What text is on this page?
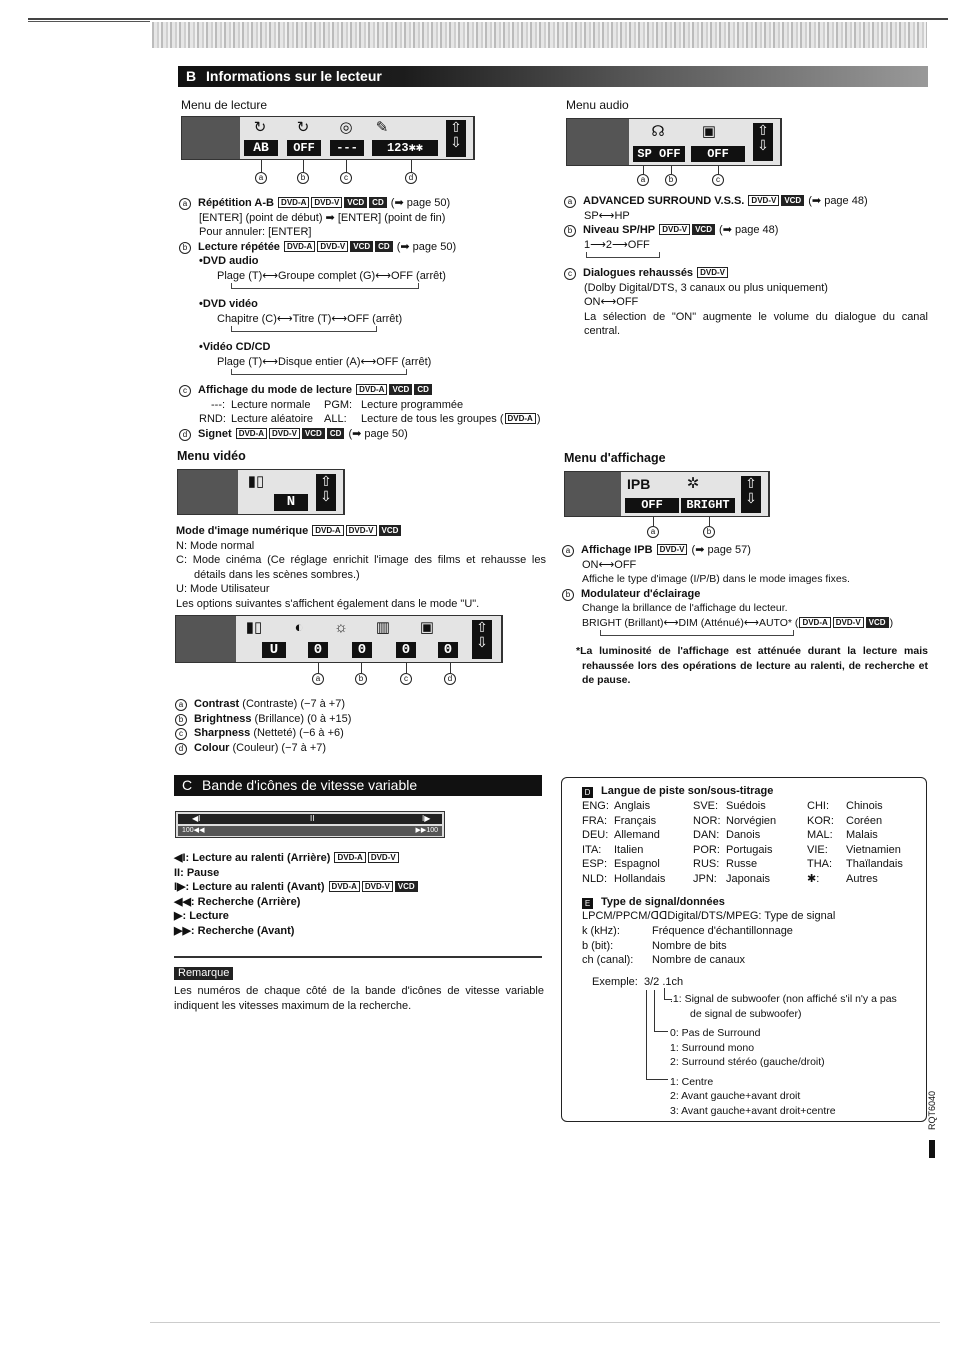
B Informations sur le lecteur
Menu de lecture
↻
AB
↻
OFF
◎
---
✎
123✱✱
⇧
⇩
a	b	c	d
a Répétition A-B DVD-A DVD-V VCD CD (➡ page 50)
[ENTER] (point de début) ➡ [ENTER] (point de fin)
Pour annuler: [ENTER]
b Lecture répétée DVD-A DVD-V VCD CD (➡ page 50)
•DVD audio
Plage (T)⟷Groupe complet (G)⟷OFF (arrêt)
•DVD vidéo
Chapitre (C)⟷Titre (T)⟷OFF (arrêt)
•Vidéo CD/CD
Plage (T)⟷Disque entier (A)⟷OFF (arrêt)
c Affichage du mode de lecture DVD-A VCD CD
---: Lecture normale PGM: Lecture programmée
RND: Lecture aléatoire ALL: Lecture de tous les groupes ( DVD-A )
d Signet DVD-A DVD-V VCD CD (➡ page 50)
Menu audio
☊
SP OFF
▣
OFF
⇧
⇩
a	b	c
a ADVANCED SURROUND V.S.S. DVD-V VCD (➡ page 48)
SP⟷HP
b Niveau SP/HP DVD-V VCD (➡ page 48)
1⟶2⟶OFF
c Dialogues rehaussés DVD-V
(Dolby Digital/DTS, 3 canaux ou plus uniquement)
ON⟷OFF
La sélection de "ON" augmente le volume du dialogue du canal central.
Menu vidéo
▮▯
N
⇧
⇩
Mode d'image numérique DVD-A DVD-V VCD
N: Mode normal
C: Mode cinéma (Ce réglage enrichit l'image des films et rehausse les détails dans les scènes sombres.)
U: Mode Utilisateur
Les options suivantes s'affichent également dans le mode "U".
▮▯
U
◐
0
☼
0
▥
0
▣
0
⇧
⇩
a	b	c	d
a Contrast (Contraste) (−7 à +7)
b Brightness (Brillance) (0 à +15)
c Sharpness (Netteté) (−6 à +6)
d Colour (Couleur) (−7 à +7)
Menu d'affichage
IPB
OFF
✲
BRIGHT
⇧
⇩
a	b
a Affichage IPB DVD-V (➡ page 57)
ON⟷OFF
Affiche le type d'image (I/P/B) dans le mode images fixes.
b Modulateur d'éclairage
Change la brillance de l'affichage du lecteur.
BRIGHT (Brillant)⟷DIM (Atténué)⟷AUTO* ( DVD-A DVD-V VCD )
*La luminosité de l'affichage est atténuée durant la lecture mais rehaussée lors des opérations de lecture au ralenti, de recherche et de pause.
C Bande d'icônes de vitesse variable
◀I	II	I▶
100◀◀	▶▶100
◀I: Lecture au ralenti (Arrière) DVD-A DVD-V
II: Pause
I▶: Lecture au ralenti (Avant) DVD-A DVD-V VCD
◀◀: Recherche (Arrière)
▶: Lecture
▶▶: Recherche (Avant)
Remarque
Les numéros de chaque côté de la bande d'icônes de vitesse variable indiquent les vitesses maximum de la recherche.
D Langue de piste son/sous-titrage
ENG: Anglais	SVE: Suédois	CHI: Chinois
FRA: Français	NOR: Norvégien	KOR: Coréen
DEU: Allemand	DAN: Danois	MAL: Malais
ITA: Italien	POR: Portugais	VIE: Vietnamien
ESP: Espagnol	RUS: Russe	THA: Thaïlandais
NLD: Hollandais	JPN: Japonais	✱: Autres
E Type de signal/données
LPCM/PPCM/ᗡᗡDigital/DTS/MPEG: Type de signal
k (kHz):	Fréquence d'échantillonnage
b (bit):	Nombre de bits
ch (canal): Nombre de canaux
Exemple: 3/2 .1ch
.1: Signal de subwoofer (non affiché s'il n'y a pas
de signal de subwoofer)
0: Pas de Surround
1: Surround mono
2: Surround stéréo (gauche/droit)
1: Centre
2: Avant gauche+avant droit
3: Avant gauche+avant droit+centre	RQT6040
